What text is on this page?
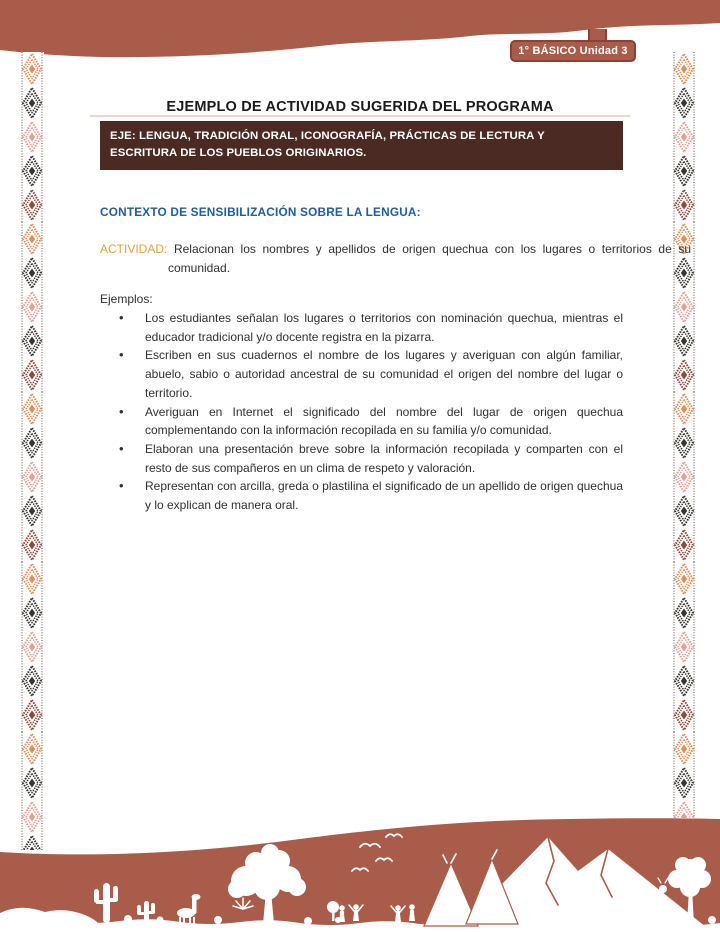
1° BÁSICO Unidad 3
EJEMPLO DE ACTIVIDAD SUGERIDA DEL PROGRAMA
EJE: LENGUA, TRADICIÓN ORAL, ICONOGRAFÍA, PRÁCTICAS DE LECTURA Y ESCRITURA DE LOS PUEBLOS ORIGINARIOS.
CONTEXTO DE SENSIBILIZACIÓN SOBRE LA LENGUA:

ACTIVIDAD: Relacionan los nombres y apellidos de origen quechua con los lugares o territorios de su comunidad.

Ejemplos:
• Los estudiantes señalan los lugares o territorios con nominación quechua, mientras el educador tradicional y/o docente registra en la pizarra.
• Escriben en sus cuadernos el nombre de los lugares y averiguan con algún familiar, abuelo, sabio o autoridad ancestral de su comunidad el origen del nombre del lugar o territorio.
• Averiguan en Internet el significado del nombre del lugar de origen quechua complementando con la información recopilada en su familia y/o comunidad.
• Elaboran una presentación breve sobre la información recopilada y comparten con el resto de sus compañeros en un clima de respeto y valoración.
• Representan con arcilla, greda o plastilina el significado de un apellido de origen quechua y lo explican de manera oral.
